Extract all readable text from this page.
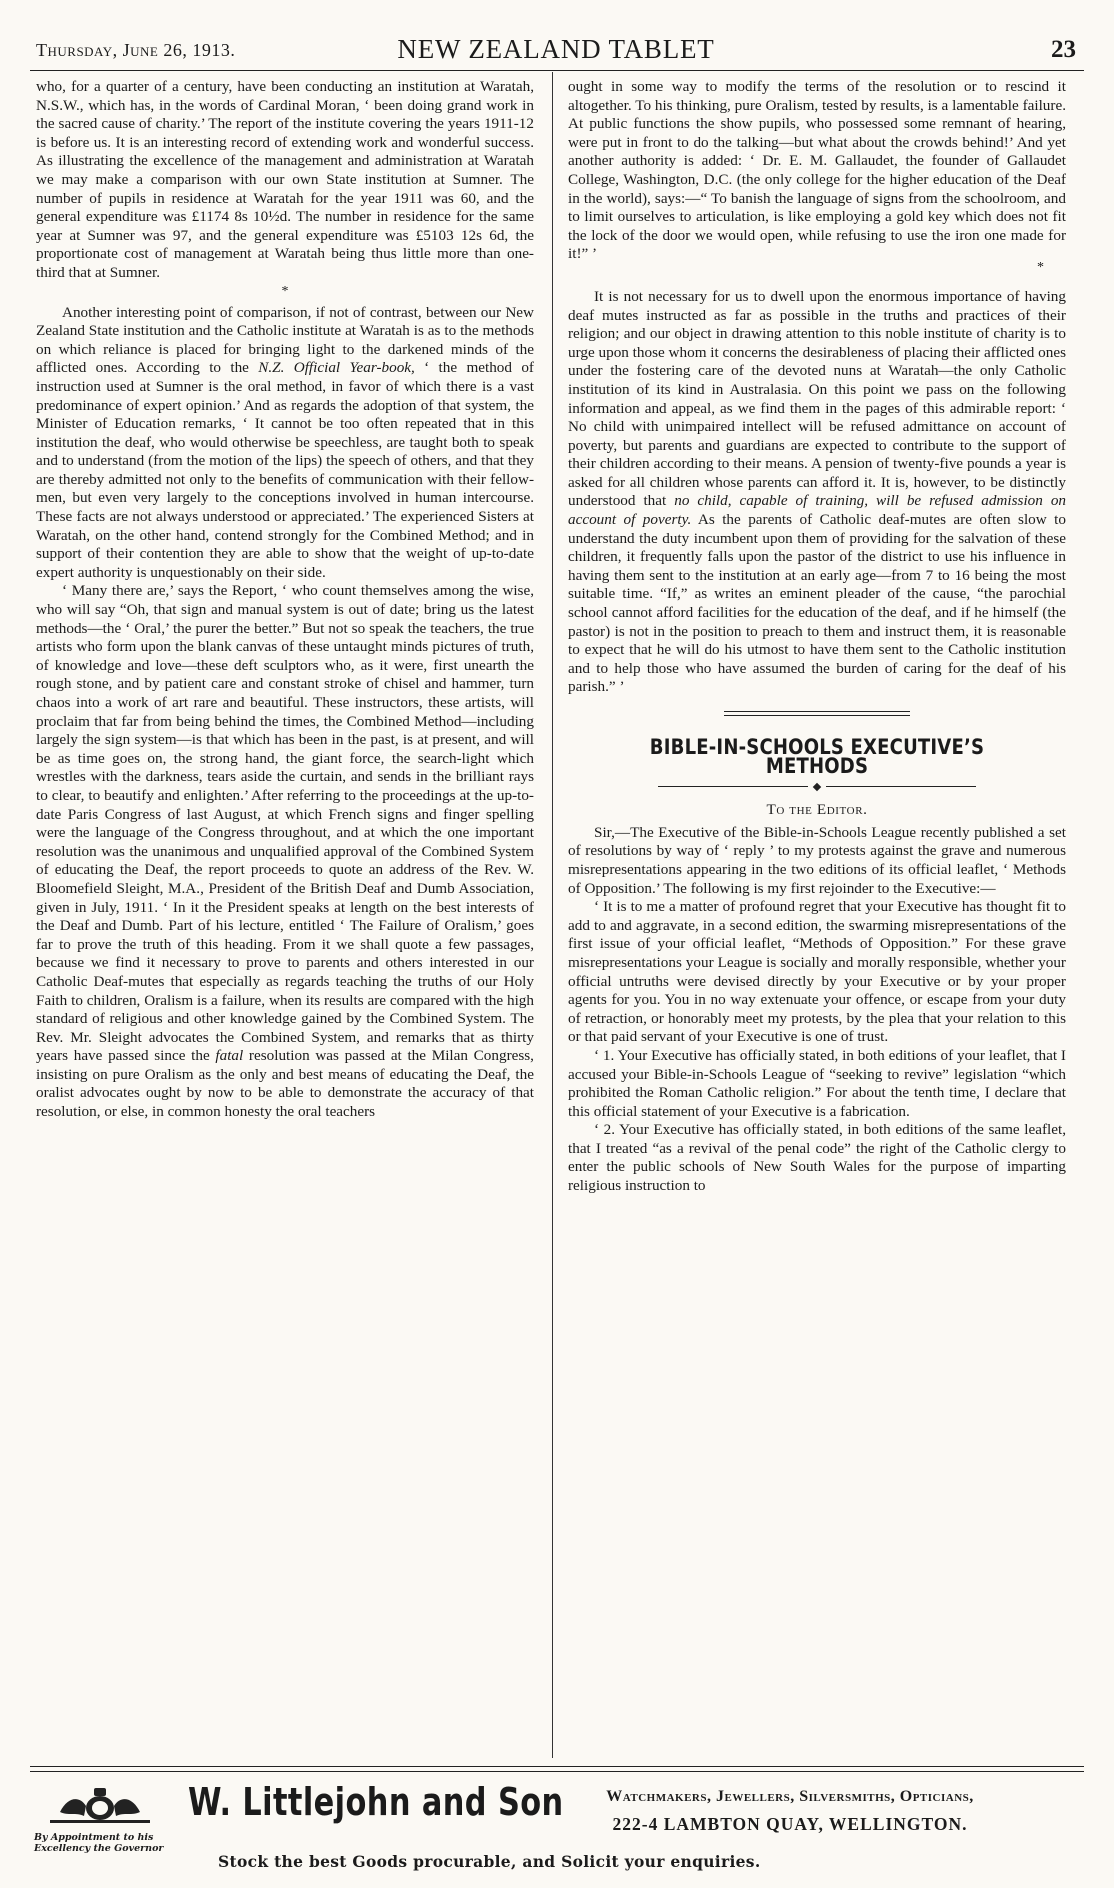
Thursday, June 26, 1913.	NEW ZEALAND TABLET	23

who, for a quarter of a century, have been conducting an institution at Waratah, N.S.W., which has, in the words of Cardinal Moran, ‘ been doing grand work in the sacred cause of charity.’ The report of the institute covering the years 1911-12 is before us. It is an interesting record of extending work and wonderful success. As illustrating the excellence of the management and administration at Waratah we may make a comparison with our own State institution at Sumner. The number of pupils in residence at Waratah for the year 1911 was 60, and the general expenditure was £1174 8s 10½d. The number in residence for the same year at Sumner was 97, and the general expenditure was £5103 12s 6d, the proportionate cost of management at Waratah being thus little more than one-third that at Sumner.

*

Another interesting point of comparison, if not of contrast, between our New Zealand State institution and the Catholic institute at Waratah is as to the methods on which reliance is placed for bringing light to the darkened minds of the afflicted ones. According to the N.Z. Official Year-book, ‘ the method of instruction used at Sumner is the oral method, in favor of which there is a vast predominance of expert opinion.’ And as regards the adoption of that system, the Minister of Education remarks, ‘ It cannot be too often repeated that in this institution the deaf, who would otherwise be speechless, are taught both to speak and to understand (from the motion of the lips) the speech of others, and that they are thereby admitted not only to the benefits of communication with their fellow-men, but even very largely to the conceptions involved in human intercourse. These facts are not always understood or appreciated.’ The experienced Sisters at Waratah, on the other hand, contend strongly for the Combined Method; and in support of their contention they are able to show that the weight of up-to-date expert authority is unquestionably on their side.

‘ Many there are,’ says the Report, ‘ who count themselves among the wise, who will say “Oh, that sign and manual system is out of date; bring us the latest methods—the ‘ Oral,’ the purer the better.” But not so speak the teachers, the true artists who form upon the blank canvas of these untaught minds pictures of truth, of knowledge and love—these deft sculptors who, as it were, first unearth the rough stone, and by patient care and constant stroke of chisel and hammer, turn chaos into a work of art rare and beautiful. These instructors, these artists, will proclaim that far from being behind the times, the Combined Method—including largely the sign system—is that which has been in the past, is at present, and will be as time goes on, the strong hand, the giant force, the search-light which wrestles with the darkness, tears aside the curtain, and sends in the brilliant rays to clear, to beautify and enlighten.’ After referring to the proceedings at the up-to-date Paris Congress of last August, at which French signs and finger spelling were the language of the Congress throughout, and at which the one important resolution was the unanimous and unqualified approval of the Combined System of educating the Deaf, the report proceeds to quote an address of the Rev. W. Bloomefield Sleight, M.A., President of the British Deaf and Dumb Association, given in July, 1911. ‘ In it the President speaks at length on the best interests of the Deaf and Dumb. Part of his lecture, entitled ‘ The Failure of Oralism,’ goes far to prove the truth of this heading. From it we shall quote a few passages, because we find it necessary to prove to parents and others interested in our Catholic Deaf-mutes that especially as regards teaching the truths of our Holy Faith to children, Oralism is a failure, when its results are compared with the high standard of religious and other knowledge gained by the Combined System. The Rev. Mr. Sleight advocates the Combined System, and remarks that as thirty years have passed since the fatal resolution was passed at the Milan Congress, insisting on pure Oralism as the only and best means of educating the Deaf, the oralist advocates ought by now to be able to demonstrate the accuracy of that resolution, or else, in common honesty the oral teachers

ought in some way to modify the terms of the resolution or to rescind it altogether. To his thinking, pure Oralism, tested by results, is a lamentable failure. At public functions the show pupils, who possessed some remnant of hearing, were put in front to do the talking—but what about the crowds behind!’ And yet another authority is added: ‘ Dr. E. M. Gallaudet, the founder of Gallaudet College, Washington, D.C. (the only college for the higher education of the Deaf in the world), says:—“ To banish the language of signs from the schoolroom, and to limit ourselves to articulation, is like employing a gold key which does not fit the lock of the door we would open, while refusing to use the iron one made for it!” ’

*

It is not necessary for us to dwell upon the enormous importance of having deaf mutes instructed as far as possible in the truths and practices of their religion; and our object in drawing attention to this noble institute of charity is to urge upon those whom it concerns the desirableness of placing their afflicted ones under the fostering care of the devoted nuns at Waratah—the only Catholic institution of its kind in Australasia. On this point we pass on the following information and appeal, as we find them in the pages of this admirable report: ‘ No child with unimpaired intellect will be refused admittance on account of poverty, but parents and guardians are expected to contribute to the support of their children according to their means. A pension of twenty-five pounds a year is asked for all children whose parents can afford it. It is, however, to be distinctly understood that no child, capable of training, will be refused admission on account of poverty. As the parents of Catholic deaf-mutes are often slow to understand the duty incumbent upon them of providing for the salvation of these children, it frequently falls upon the pastor of the district to use his influence in having them sent to the institution at an early age—from 7 to 16 being the most suitable time. “If,” as writes an eminent pleader of the cause, “the parochial school cannot afford facilities for the education of the deaf, and if he himself (the pastor) is not in the position to preach to them and instruct them, it is reasonable to expect that he will do his utmost to have them sent to the Catholic institution and to help those who have assumed the burden of caring for the deaf of his parish.” ’

BIBLE-IN-SCHOOLS EXECUTIVE’S METHODS
To the Editor.

Sir,—The Executive of the Bible-in-Schools League recently published a set of resolutions by way of ‘ reply ’ to my protests against the grave and numerous misrepresentations appearing in the two editions of its official leaflet, ‘ Methods of Opposition.’ The following is my first rejoinder to the Executive:—

‘ It is to me a matter of profound regret that your Executive has thought fit to add to and aggravate, in a second edition, the swarming misrepresentations of the first issue of your official leaflet, “Methods of Opposition.” For these grave misrepresentations your League is socially and morally responsible, whether your official untruths were devised directly by your Executive or by your proper agents for you. You in no way extenuate your offence, or escape from your duty of retraction, or honorably meet my protests, by the plea that your relation to this or that paid servant of your Executive is one of trust.

‘ 1. Your Executive has officially stated, in both editions of your leaflet, that I accused your Bible-in-Schools League of “seeking to revive” legislation “which prohibited the Roman Catholic religion.” For about the tenth time, I declare that this official statement of your Executive is a fabrication.

‘ 2. Your Executive has officially stated, in both editions of the same leaflet, that I treated “as a revival of the penal code” the right of the Catholic clergy to enter the public schools of New South Wales for the purpose of imparting religious instruction to

By Appointment to his
Excellency the Governor
W. Littlejohn and Son	Watchmakers, Jewellers, Silversmiths, Opticians,
222-4 LAMBTON QUAY, WELLINGTON.
Stock the best Goods procurable, and Solicit your enquiries.
